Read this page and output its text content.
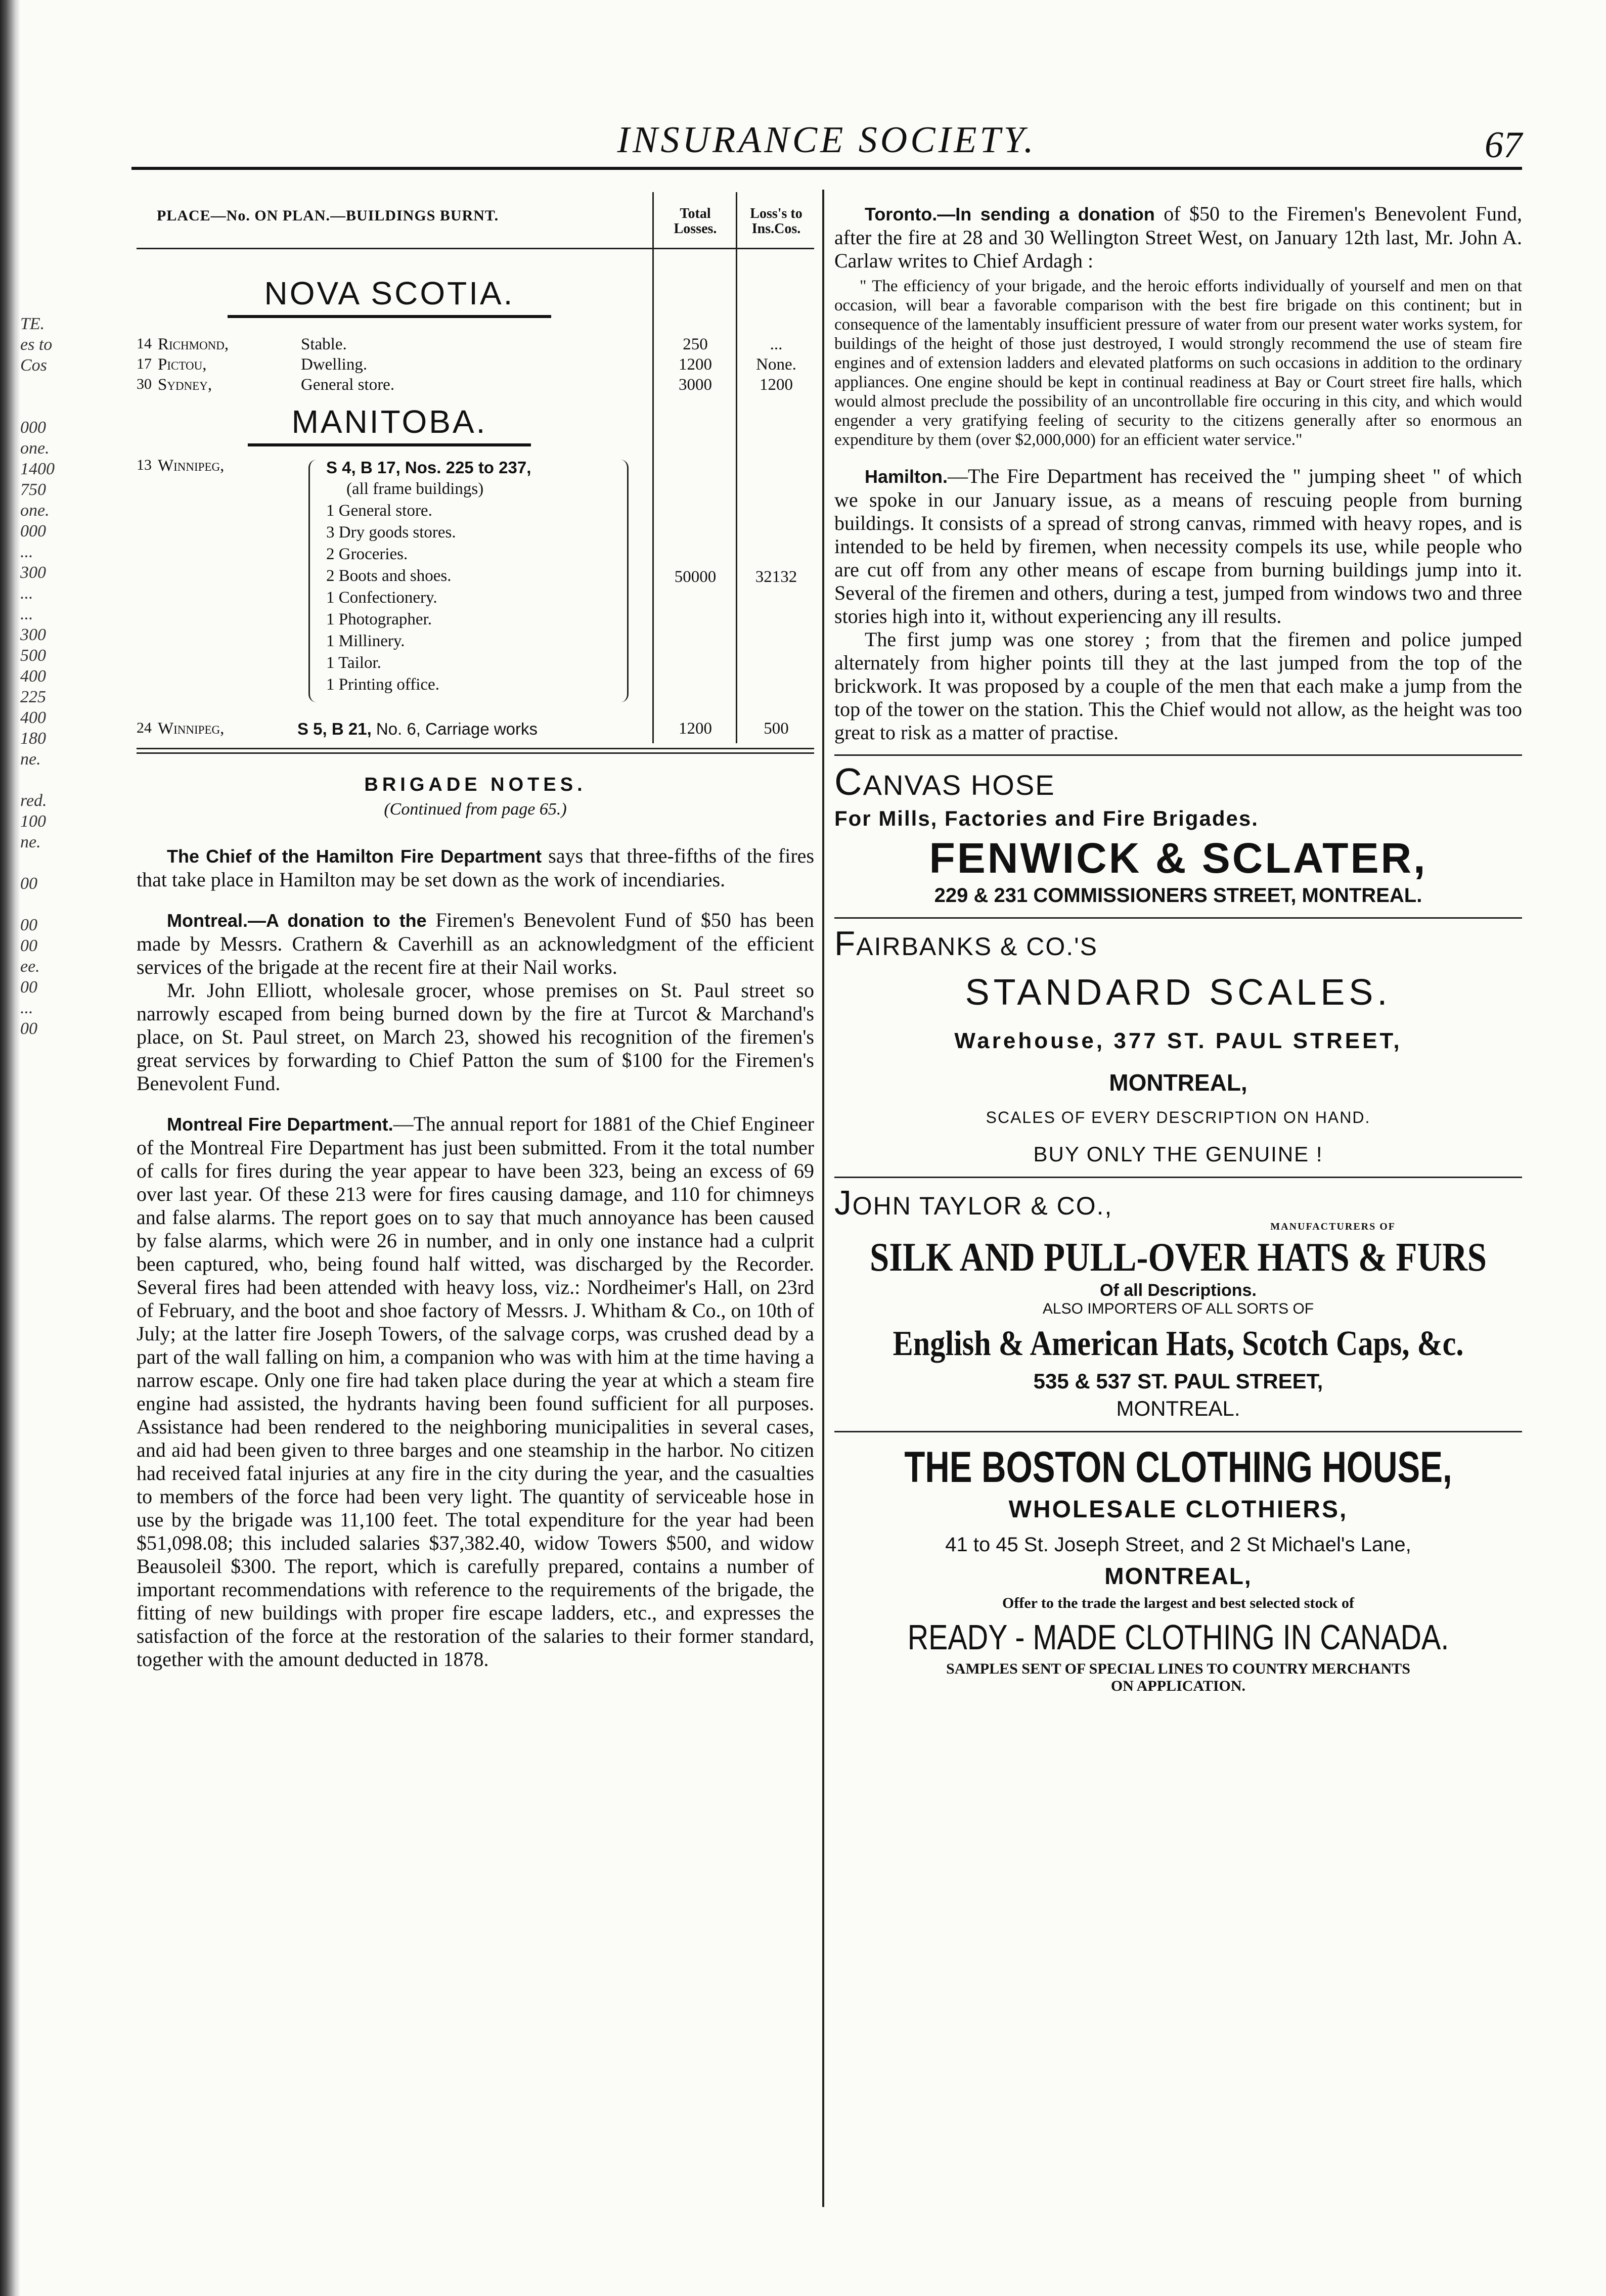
TE.
es to
Cos
000
one.
1400
750
one.
000
...
300
...
...
300
500
400
225
400
180
ne.
red.
100
ne.
00
00
00
ee.
00
...
00
INSURANCE SOCIETY.	67
PLACE—No. ON PLAN.—BUILDINGS BURNT.	Total
Losses.
Loss's to
Ins.Cos.
NOVA SCOTIA.
14 Richmond,	Stable.	250	...
17 Pictou,	Dwelling.	1200	None.
30 Sydney,	General store.	3000	1200
MANITOBA.
13 Winnipeg,	S 4, B 17, Nos. 225 to 237,
(all frame buildings)
1 General store.
3 Dry goods stores.
2 Groceries.
2 Boots and shoes.
1 Confectionery.
1 Photographer.
1 Millinery.
1 Tailor.
1 Printing office.
50000	32132
24 Winnipeg,	S 5, B 21, No. 6, Carriage works	1200	500
BRIGADE NOTES.
(Continued from page 65.)

The Chief of the Hamilton Fire Department says that three-fifths of the fires that take place in Hamilton may be set down as the work of incendiaries.

Montreal.—A donation to the Firemen's Benevolent Fund of $50 has been made by Messrs. Crathern & Caverhill as an acknowledgment of the efficient services of the brigade at the recent fire at their Nail works.

Mr. John Elliott, wholesale grocer, whose premises on St. Paul street so narrowly escaped from being burned down by the fire at Turcot & Marchand's place, on St. Paul street, on March 23, showed his recognition of the firemen's great services by forwarding to Chief Patton the sum of $100 for the Firemen's Benevolent Fund.

Montreal Fire Department.—The annual report for 1881 of the Chief Engineer of the Montreal Fire Department has just been submitted. From it the total number of calls for fires during the year appear to have been 323, being an excess of 69 over last year. Of these 213 were for fires causing damage, and 110 for chimneys and false alarms. The report goes on to say that much annoyance has been caused by false alarms, which were 26 in number, and in only one instance had a culprit been captured, who, being found half witted, was discharged by the Recorder. Several fires had been attended with heavy loss, viz.: Nordheimer's Hall, on 23rd of February, and the boot and shoe factory of Messrs. J. Whitham & Co., on 10th of July; at the latter fire Joseph Towers, of the salvage corps, was crushed dead by a part of the wall falling on him, a companion who was with him at the time having a narrow escape. Only one fire had taken place during the year at which a steam fire engine had assisted, the hydrants having been found sufficient for all purposes. Assistance had been rendered to the neighboring municipalities in several cases, and aid had been given to three barges and one steamship in the harbor. No citizen had received fatal injuries at any fire in the city during the year, and the casualties to members of the force had been very light. The quantity of serviceable hose in use by the brigade was 11,100 feet. The total expenditure for the year had been $51,098.08; this included salaries $37,382.40, widow Towers $500, and widow Beausoleil $300. The report, which is carefully prepared, contains a number of important recommendations with reference to the requirements of the brigade, the fitting of new buildings with proper fire escape ladders, etc., and expresses the satisfaction of the force at the restoration of the salaries to their former standard, together with the amount deducted in 1878.

Toronto.—In sending a donation of $50 to the Firemen's Benevolent Fund, after the fire at 28 and 30 Wellington Street West, on January 12th last, Mr. John A. Carlaw writes to Chief Ardagh :

" The efficiency of your brigade, and the heroic efforts individually of yourself and men on that occasion, will bear a favorable comparison with the best fire brigade on this continent; but in consequence of the lamentably insufficient pressure of water from our present water works system, for buildings of the height of those just destroyed, I would strongly recommend the use of steam fire engines and of extension ladders and elevated platforms on such occasions in addition to the ordinary appliances. One engine should be kept in continual readiness at Bay or Court street fire halls, which would almost preclude the possibility of an uncontrollable fire occuring in this city, and which would engender a very gratifying feeling of security to the citizens generally after so enormous an expenditure by them (over $2,000,000) for an efficient water service."

Hamilton.—The Fire Department has received the " jumping sheet " of which we spoke in our January issue, as a means of rescuing people from burning buildings. It consists of a spread of strong canvas, rimmed with heavy ropes, and is intended to be held by firemen, when necessity compels its use, while people who are cut off from any other means of escape from burning buildings jump into it. Several of the firemen and others, during a test, jumped from windows two and three stories high into it, without experiencing any ill results.

The first jump was one storey ; from that the firemen and police jumped alternately from higher points till they at the last jumped from the top of the brickwork. It was proposed by a couple of the men that each make a jump from the top of the tower on the station. This the Chief would not allow, as the height was too great to risk as a matter of practise.

CANVAS HOSE
For Mills, Factories and Fire Brigades.
FENWICK & SCLATER,
229 & 231 COMMISSIONERS STREET, MONTREAL.
FAIRBANKS & CO.'S
STANDARD SCALES.
Warehouse, 377 ST. PAUL STREET,
MONTREAL,
SCALES OF EVERY DESCRIPTION ON HAND.
BUY ONLY THE GENUINE !
JOHN TAYLOR & CO.,
MANUFACTURERS OF
SILK AND PULL-OVER HATS & FURS
Of all Descriptions.
ALSO IMPORTERS OF ALL SORTS OF
English & American Hats, Scotch Caps, &c.
535 & 537 ST. PAUL STREET,
MONTREAL.
THE BOSTON CLOTHING HOUSE,
WHOLESALE CLOTHIERS,
41 to 45 St. Joseph Street, and 2 St Michael's Lane,
MONTREAL,
Offer to the trade the largest and best selected stock of
READY - MADE CLOTHING IN CANADA.
SAMPLES SENT OF SPECIAL LINES TO COUNTRY MERCHANTS
ON APPLICATION.
